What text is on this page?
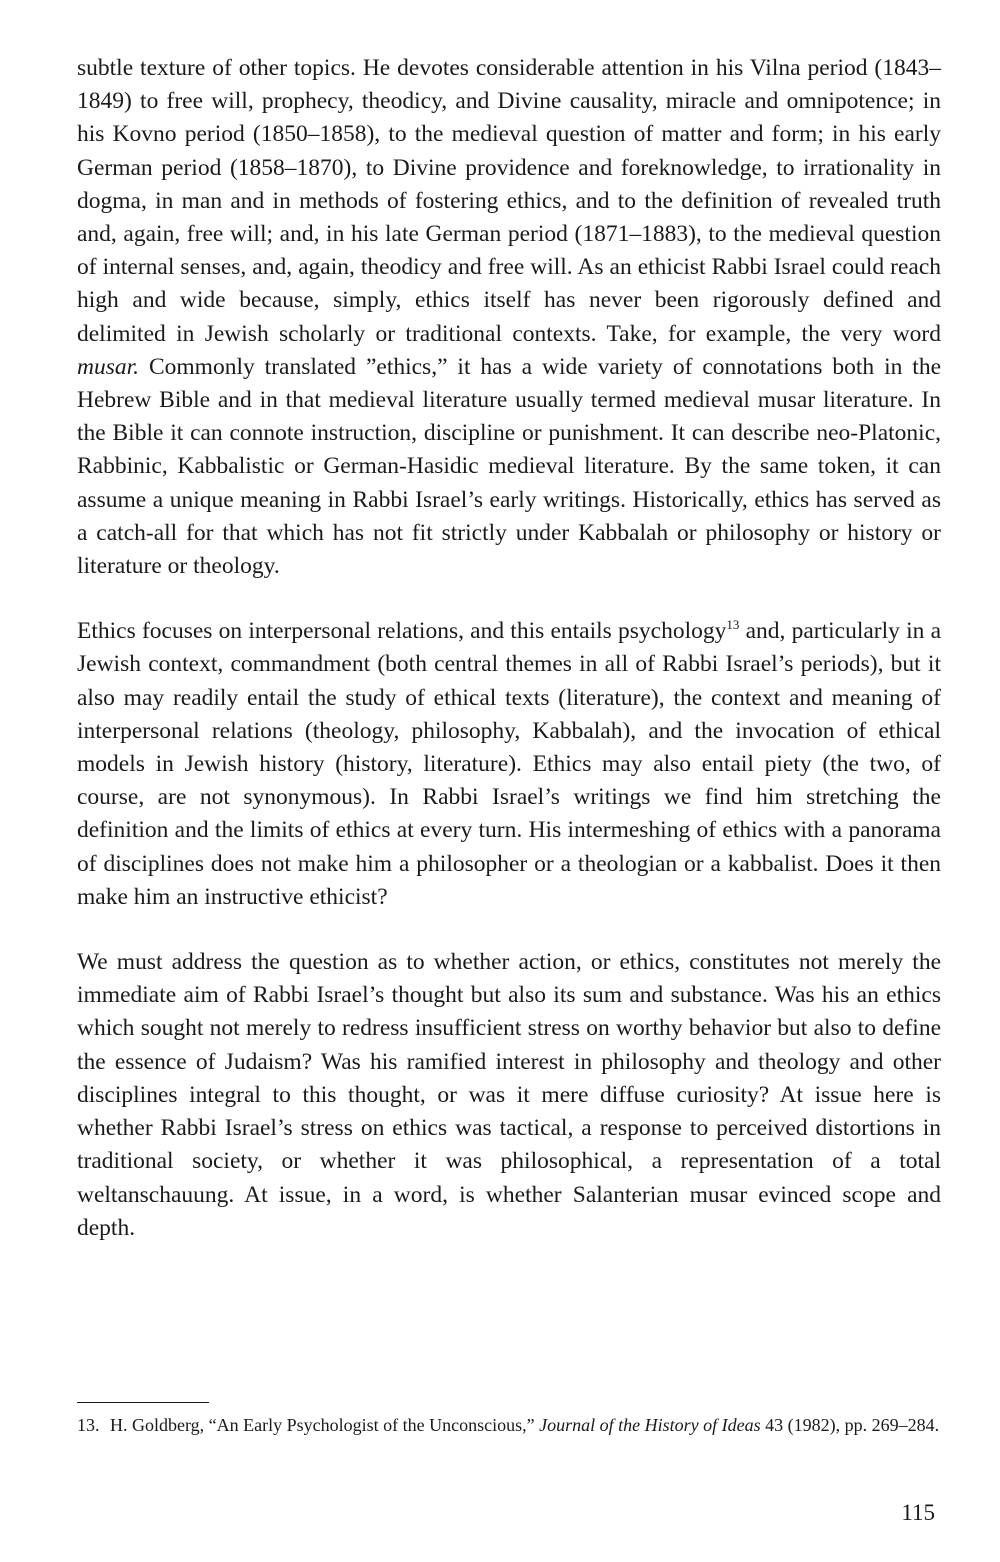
subtle texture of other topics. He devotes considerable attention in his Vilna period (1843–1849) to free will, prophecy, theodicy, and Divine causality, miracle and omnipotence; in his Kovno period (1850–1858), to the medieval question of matter and form; in his early German period (1858–1870), to Divine providence and foreknowledge, to irrationality in dogma, in man and in methods of fostering ethics, and to the definition of revealed truth and, again, free will; and, in his late German period (1871–1883), to the medieval question of internal senses, and, again, theodicy and free will. As an ethicist Rabbi Israel could reach high and wide because, simply, ethics itself has never been rigorously defined and delimited in Jewish scholarly or traditional contexts. Take, for example, the very word musar. Commonly translated ”ethics,” it has a wide variety of connotations both in the Hebrew Bible and in that medieval literature usually termed medieval musar literature. In the Bible it can connote instruction, discipline or punishment. It can describe neo-Platonic, Rabbinic, Kabbalistic or German-Hasidic medieval literature. By the same token, it can assume a unique meaning in Rabbi Israel’s early writings. Historically, ethics has served as a catch-all for that which has not fit strictly under Kabbalah or philosophy or history or literature or theology.

Ethics focuses on interpersonal relations, and this entails psychology$^{13}$ and, particularly in a Jewish context, commandment (both central themes in all of Rabbi Israel’s periods), but it also may readily entail the study of ethical texts (literature), the context and meaning of interpersonal relations (theology, philosophy, Kabbalah), and the invocation of ethical models in Jewish history (history, literature). Ethics may also entail piety (the two, of course, are not synonymous). In Rabbi Israel’s writings we find him stretching the definition and the limits of ethics at every turn. His intermeshing of ethics with a panorama of disciplines does not make him a philosopher or a theologian or a kabbalist. Does it then make him an instructive ethicist?

We must address the question as to whether action, or ethics, constitutes not merely the immediate aim of Rabbi Israel’s thought but also its sum and substance. Was his an ethics which sought not merely to redress insufficient stress on worthy behavior but also to define the essence of Judaism? Was his ramified interest in philosophy and theology and other disciplines integral to this thought, or was it mere diffuse curiosity? At issue here is whether Rabbi Israel’s stress on ethics was tactical, a response to perceived distortions in traditional society, or whether it was philosophical, a representation of a total weltanschauung. At issue, in a word, is whether Salanterian musar evinced scope and depth.

13. H. Goldberg, “An Early Psychologist of the Unconscious,” Journal of the History of Ideas 43 (1982), pp. 269–284.

115
